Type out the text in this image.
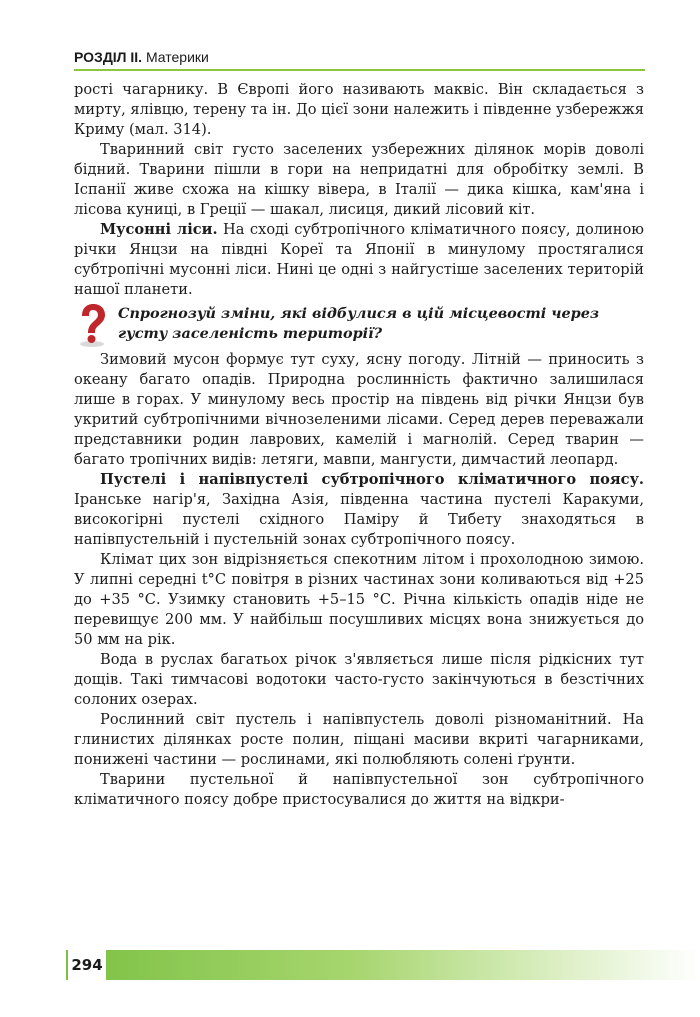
РОЗДІЛ ІІ. Материки

рості чагарнику. В Європі його називають маквіс. Він складається з мирту, ялівцю, терену та ін. До цієї зони належить і південне узбережжя Криму (мал. 314).

Тваринний світ густо заселених узбережних ділянок морів доволі бідний. Тварини пішли в гори на непридатні для обробітку землі. В Іспанії живе схожа на кішку вівера, в Італії — дика кішка, кам'яна і лісова куниці, в Греції — шакал, лисиця, дикий лісовий кіт.

Мусонні ліси. На сході субтропічного кліматичного поясу, долиною річки Янцзи на півдні Кореї та Японії в минулому простягалися субтропічні мусонні ліси. Нині це одні з найгустіше заселених територій нашої планети.

Спрогнозуй зміни, які відбулися в цій місцевості через густу заселеність території?

Зимовий мусон формує тут суху, ясну погоду. Літній — приносить з океану багато опадів. Природна рослинність фактично залишилася лише в горах. У минулому весь простір на південь від річки Янцзи був укритий субтропічними вічнозеленими лісами. Серед дерев переважали представники родин лаврових, камелій і магнолій. Серед тварин — багато тропічних видів: летяги, мавпи, мангусти, димчастий леопард.

Пустелі і напівпустелі субтропічного кліматичного поясу. Іранське нагір'я, Західна Азія, південна частина пустелі Каракуми, високогірні пустелі східного Паміру й Тибету знаходяться в напівпустельній і пустельній зонах субтропічного поясу.

Клімат цих зон відрізняється спекотним літом і прохолодною зимою. У липні середні t°С повітря в різних частинах зони коливаються від +25 до +35 °С. Узимку становить +5–15 °С. Річна кількість опадів ніде не перевищує 200 мм. У найбільш посушливих місцях вона знижується до 50 мм на рік.

Вода в руслах багатьох річок з'являється лише після рідкісних тут дощів. Такі тимчасові водотоки часто-густо закінчуються в безстічних солоних озерах.

Рослинний світ пустель і напівпустель доволі різноманітний. На глинистих ділянках росте полин, піщані масиви вкриті чагарниками, понижені частини — рослинами, які полюбляють солені ґрунти.

Тварини пустельної й напівпустельної зон субтропічного кліматичного поясу добре пристосувалися до життя на відкри-

294
